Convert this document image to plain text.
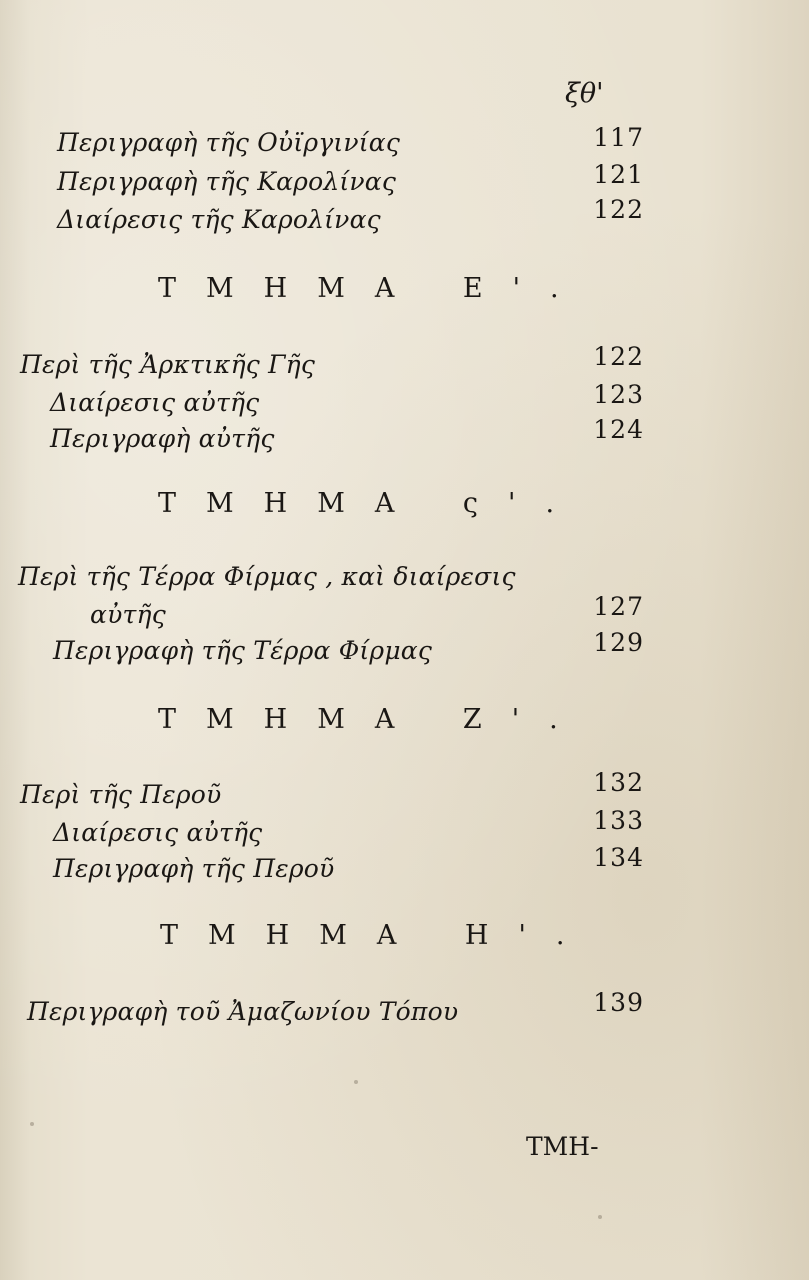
ξθ'
Περιγραφὴ τῆς Οὐϊργινίας	117
Περιγραφὴ τῆς Καρολίνας	121
Διαίρεσις τῆς Καρολίνας	122
ΤΜΗΜΑ Ε'.
Περὶ τῆς Ἀρκτικῆς Γῆς	122
Διαίρεσις αὐτῆς	123
Περιγραφὴ αὐτῆς	124
ΤΜΗΜΑ ς'.
Περὶ τῆς Τέρρα Φίρμας , καὶ διαίρεσις
αὐτῆς	127
Περιγραφὴ τῆς Τέρρα Φίρμας	129
ΤΜΗΜΑ Ζ'.
Περὶ τῆς Περοῦ	132
Διαίρεσις αὐτῆς	133
Περιγραφὴ τῆς Περοῦ	134
ΤΜΗΜΑ Η'.
Περιγραφὴ τοῦ Ἀμαζωνίου Τόπου	139
ΤΜΗ-
